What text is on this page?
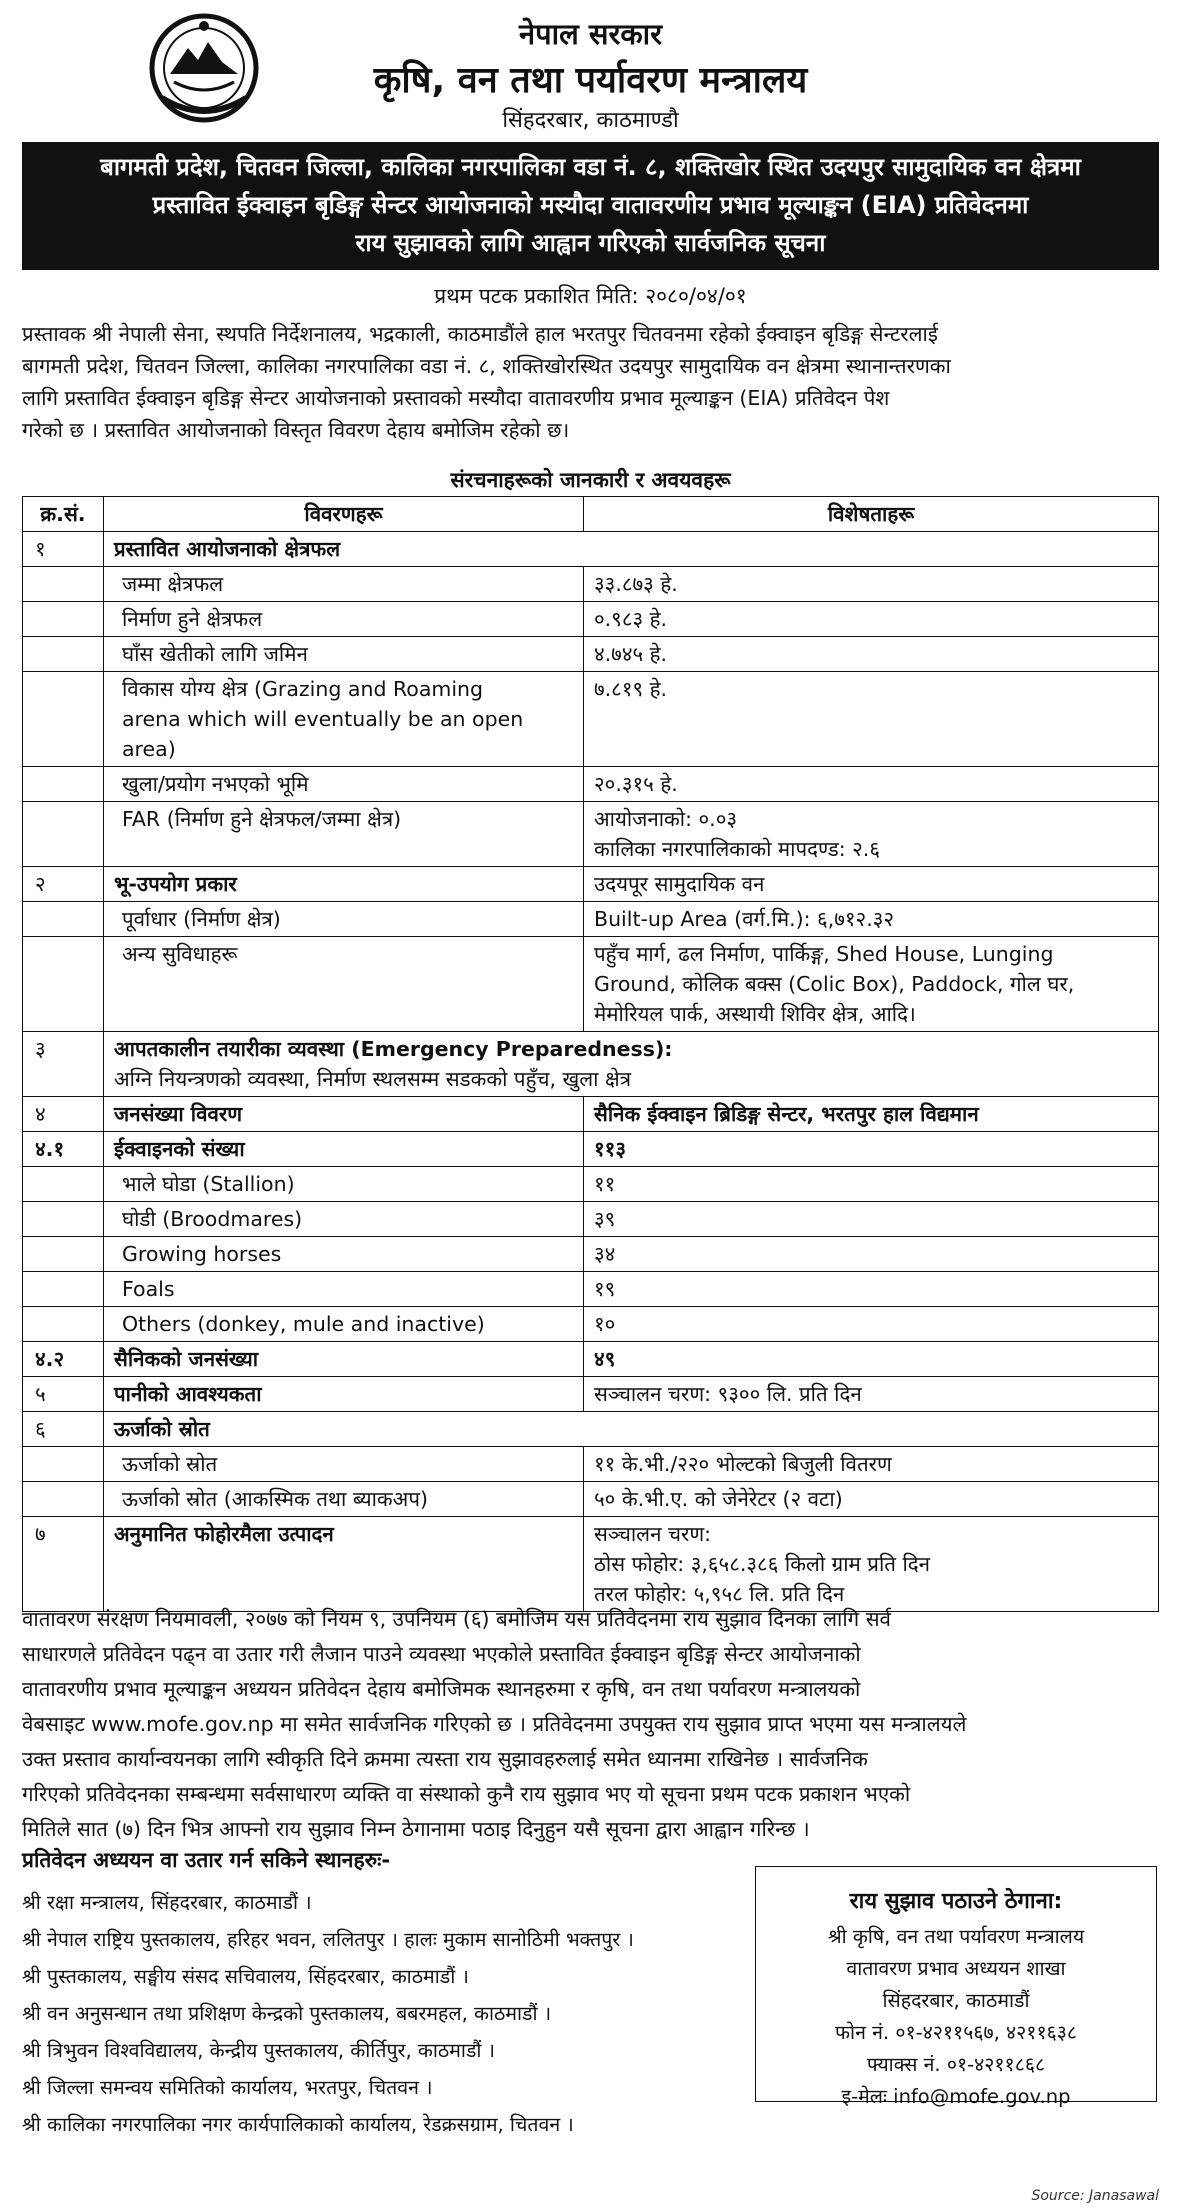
नेपाल सरकार
कृषि, वन तथा पर्यावरण मन्त्रालय
सिंहदरबार, काठमाण्डौ
बागमती प्रदेश, चितवन जिल्ला, कालिका नगरपालिका वडा नं. ८, शक्तिखोर स्थित उदयपुर सामुदायिक वन क्षेत्रमा
प्रस्तावित ईक्वाइन बृडिङ्ग सेन्टर आयोजनाको मस्यौदा वातावरणीय प्रभाव मूल्याङ्कन (EIA) प्रतिवेदनमा
राय सुझावको लागि आह्वान गरिएको सार्वजनिक सूचना
प्रथम पटक प्रकाशित मिति: २०८०/०४/०१
प्रस्तावक श्री नेपाली सेना, स्थपति निर्देशनालय, भद्रकाली, काठमाडौंले हाल भरतपुर चितवनमा रहेको ईक्वाइन बृडिङ्ग सेन्टरलाई
बागमती प्रदेश, चितवन जिल्ला, कालिका नगरपालिका वडा नं. ८, शक्तिखोरस्थित उदयपुर सामुदायिक वन क्षेत्रमा स्थानान्तरणका
लागि प्रस्तावित ईक्वाइन बृडिङ्ग सेन्टर आयोजनाको प्रस्तावको मस्यौदा वातावरणीय प्रभाव मूल्याङ्कन (EIA) प्रतिवेदन पेश
गरेको छ । प्रस्तावित आयोजनाको विस्तृत विवरण देहाय बमोजिम रहेको छ।
संरचनाहरूको जानकारी र अवयवहरू
क्र.सं.	विवरणहरू	विशेषताहरू
१	प्रस्तावित आयोजनाको क्षेत्रफल	
	जम्मा क्षेत्रफल	३३.८७३ हे.
	निर्माण हुने क्षेत्रफल	०.९८३ हे.
	घाँस खेतीको लागि जमिन	४.७४५ हे.

	विकास योग्य क्षेत्र (Grazing and Roaming
arena which will eventually be an open area)	७.८१९ हे.
	खुला/प्रयोग नभएको भूमि	२०.३१५ हे.
	FAR (निर्माण हुने क्षेत्रफल/जम्मा क्षेत्र)	आयोजनाको: ०.०३
कालिका नगरपालिकाको मापदण्ड: २.६

२	भू-उपयोग प्रकार	उदयपूर सामुदायिक वन
	पूर्वाधार (निर्माण क्षेत्र)	Built-up Area (वर्ग.मि.): ६,७१२.३२
	अन्य सुविधाहरू	पहुँच मार्ग, ढल निर्माण, पार्किङ्ग, Shed House, Lunging
Ground, कोलिक बक्स (Colic Box), Paddock, गोल घर,
मेमोरियल पार्क, अस्थायी शिविर क्षेत्र, आदि।

३	आपतकालीन तयारीका व्यवस्था (Emergency Preparedness):
अग्नि नियन्त्रणको व्यवस्था, निर्माण स्थलसम्म सडकको पहुँच, खुला क्षेत्र	

४	जनसंख्या विवरण	सैनिक ईक्वाइन ब्रिडिङ्ग सेन्टर, भरतपुर हाल विद्यमान
४.१	ईक्वाइनको संख्या	११३
	भाले घोडा (Stallion)	११
	घोडी (Broodmares)	३९
	Growing horses	३४
	Foals	१९
	Others (donkey, mule and inactive)	१०
४.२	सैनिकको जनसंख्या	४९
५	पानीको आवश्यकता	सञ्चालन चरण: ९३०० लि. प्रति दिन
६	ऊर्जाको स्रोत	
	ऊर्जाको स्रोत	११ के.भी./२२० भोल्टको बिजुली वितरण
	ऊर्जाको स्रोत (आकस्मिक तथा ब्याकअप)	५० के.भी.ए. को जेनेरेटर (२ वटा)
७	अनुमानित फोहोरमैला उत्पादन	सञ्चालन चरण:
ठोस फोहोर: ३,६५८.३८६ किलो ग्राम प्रति दिन
तरल फोहोर: ५,९५८ लि. प्रति दिन
वातावरण संरक्षण नियमावली, २०७७ को नियम ९, उपनियम (६) बमोजिम यस प्रतिवेदनमा राय सुझाव दिनका लागि सर्व
साधारणले प्रतिवेदन पढ्न वा उतार गरी लैजान पाउने व्यवस्था भएकोले प्रस्तावित ईक्वाइन बृडिङ्ग सेन्टर आयोजनाको
वातावरणीय प्रभाव मूल्याङ्कन अध्ययन प्रतिवेदन देहाय बमोजिमक स्थानहरुमा र कृषि, वन तथा पर्यावरण मन्त्रालयको
वेबसाइट www.mofe.gov.np मा समेत सार्वजनिक गरिएको छ । प्रतिवेदनमा उपयुक्त राय सुझाव प्राप्त भएमा यस मन्त्रालयले
उक्त प्रस्ताव कार्यान्वयनका लागि स्वीकृति दिने क्रममा त्यस्ता राय सुझावहरुलाई समेत ध्यानमा राखिनेछ । सार्वजनिक
गरिएको प्रतिवेदनका सम्बन्धमा सर्वसाधारण व्यक्ति वा संस्थाको कुनै राय सुझाव भए यो सूचना प्रथम पटक प्रकाशन भएको
मितिले सात (७) दिन भित्र आफ्नो राय सुझाव निम्न ठेगानामा पठाइ दिनुहुन यसै सूचना द्वारा आह्वान गरिन्छ ।
प्रतिवेदन अध्ययन वा उतार गर्न सकिने स्थानहरुः-
श्री रक्षा मन्त्रालय, सिंहदरबार, काठमाडौं ।
श्री नेपाल राष्ट्रिय पुस्तकालय, हरिहर भवन, ललितपुर । हालः मुकाम सानोठिमी भक्तपुर ।
श्री पुस्तकालय, सङ्घीय संसद सचिवालय, सिंहदरबार, काठमाडौं ।
श्री वन अनुसन्धान तथा प्रशिक्षण केन्द्रको पुस्तकालय, बबरमहल, काठमाडौं ।
श्री त्रिभुवन विश्वविद्यालय, केन्द्रीय पुस्तकालय, कीर्तिपुर, काठमाडौं ।
श्री जिल्ला समन्वय समितिको कार्यालय, भरतपुर, चितवन ।
श्री कालिका नगरपालिका नगर कार्यपालिकाको कार्यालय, रेडक्रसग्राम, चितवन ।
राय सुझाव पठाउने ठेगाना:
श्री कृषि, वन तथा पर्यावरण मन्त्रालय
वातावरण प्रभाव अध्ययन शाखा
सिंहदरबार, काठमाडौं
फोन नं. ०१-४२११५६७, ४२११६३८
फ्याक्स नं. ०१-४२११८६८
इ-मेलः info@mofe.gov.np
Source: Janasawal
